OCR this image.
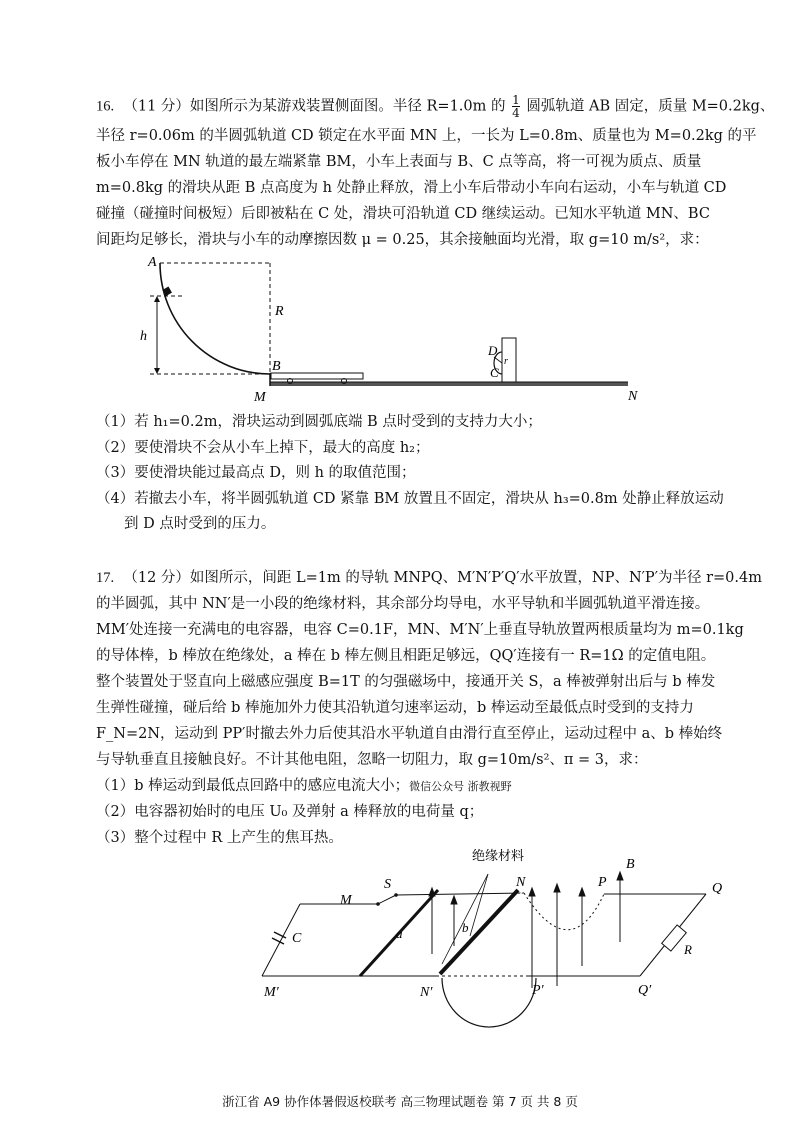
16. （11 分）如图所示为某游戏装置侧面图。半径 R=1.0m 的 $\frac{1}{4}$ 圆弧轨道 AB 固定，质量 M=0.2kg、
半径 r=0.06m 的半圆弧轨道 CD 锁定在水平面 MN 上，一长为 L=0.8m、质量也为 M=0.2kg 的平
板小车停在 MN 轨道的最左端紧靠 BM，小车上表面与 B、C 点等高，将一可视为质点、质量
m=0.8kg 的滑块从距 B 点高度为 h 处静止释放，滑上小车后带动小车向右运动，小车与轨道 CD
碰撞（碰撞时间极短）后即被粘在 C 处，滑块可沿轨道 CD 继续运动。已知水平轨道 MN、BC
间距均足够长，滑块与小车的动摩擦因数 μ = 0.25，其余接触面均光滑，取 g=10 m/s²，求：
A
R
h
B
M
D
C
r
N
（1）若 h₁=0.2m，滑块运动到圆弧底端 B 点时受到的支持力大小；
（2）要使滑块不会从小车上掉下，最大的高度 h₂；
（3）要使滑块能过最高点 D，则 h 的取值范围；
（4）若撤去小车，将半圆弧轨道 CD 紧靠 BM 放置且不固定，滑块从 h₃=0.8m 处静止释放运动
到 D 点时受到的压力。
17. （12 分）如图所示，间距 L=1m 的导轨 MNPQ、M′N′P′Q′水平放置，NP、N′P′为半径 r=0.4m
的半圆弧，其中 NN′是一小段的绝缘材料，其余部分均导电，水平导轨和半圆弧轨道平滑连接。
MM′处连接一充满电的电容器，电容 C=0.1F，MN、M′N′上垂直导轨放置两根质量均为 m=0.1kg
的导体棒，b 棒放在绝缘处，a 棒在 b 棒左侧且相距足够远，QQ′连接有一 R=1Ω 的定值电阻。
整个装置处于竖直向上磁感应强度 B=1T 的匀强磁场中，接通开关 S，a 棒被弹射出后与 b 棒发
生弹性碰撞，碰后给 b 棒施加外力使其沿轨道匀速率运动，b 棒运动至最低点时受到的支持力
F_N=2N，运动到 PP′时撤去外力后使其沿水平轨道自由滑行直至停止，运动过程中 a、b 棒始终
与导轨垂直且接触良好。不计其他电阻，忽略一切阻力，取 g=10m/s²、π = 3，求：
（1）b 棒运动到最低点回路中的感应电流大小；微信公众号 浙教视野
（2）电容器初始时的电压 U₀ 及弹射 a 棒释放的电荷量 q；
（3）整个过程中 R 上产生的焦耳热。
绝缘材料
B
M
S	N	P	Q
C	a	b
R
M′	N′	P′	Q′
浙江省 A9 协作体暑假返校联考 高三物理试题卷 第 7 页 共 8 页
